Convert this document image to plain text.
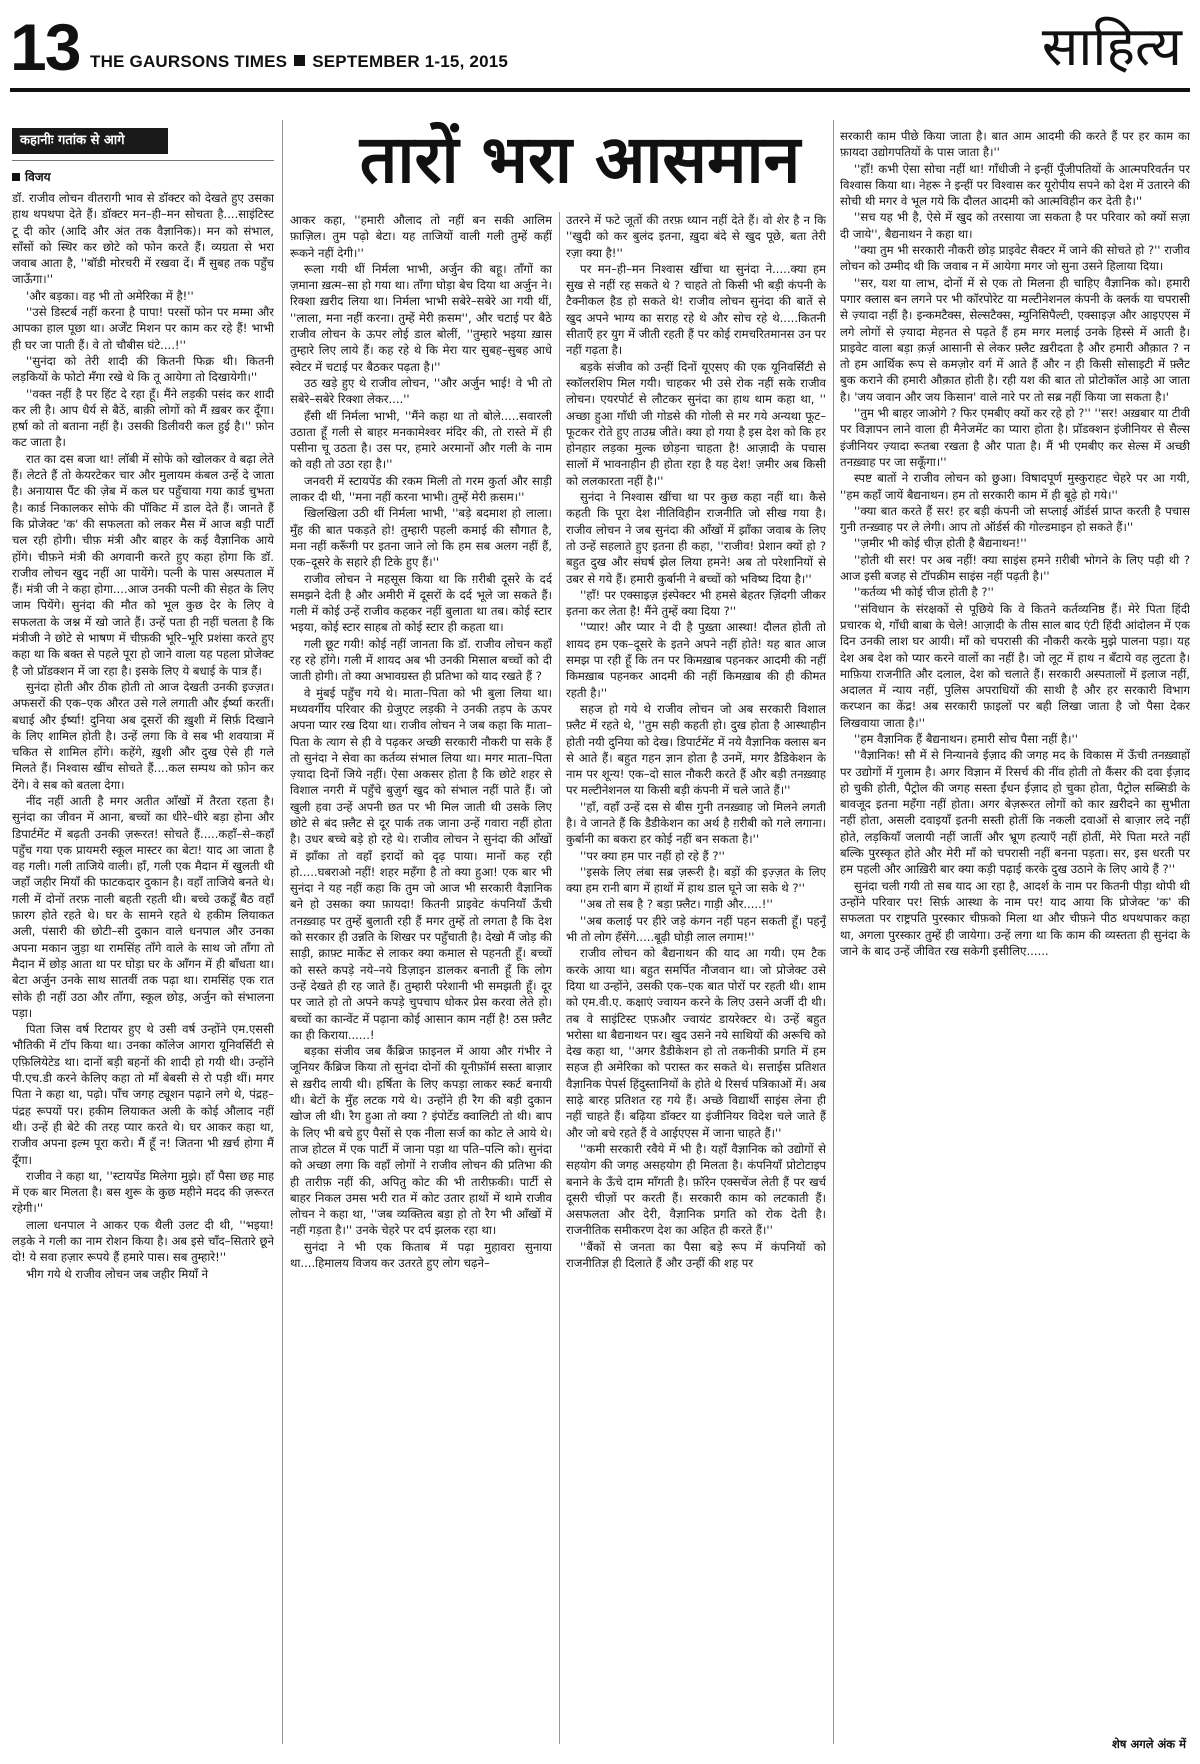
13 THE GAURSONS TIMES SEPTEMBER 1-15, 2015	साहित्य
कहानीः गतांक से आगे
विजय	तारों भरा आसमान

डॉ. राजीव लोचन वीतरागी भाव से डॉक्टर को देखते हुए उसका हाथ थपथपा देते हैं। डॉक्टर मन–ही–मन सोचता है....साइंटिस्ट टू दी कोर (आदि और अंत तक वैज्ञानिक)। मन को संभाल, साँसों को स्थिर कर छोटे को फोन करते हैं। व्यग्रता से भरा जवाब आता है, ''बॉडी मोरचरी में रखवा दें। मैं सुबह तक पहुँच जाऊँगा।''

'और बड़का। वह भी तो अमेरिका में है!''

''उसे डिस्टर्ब नहीं करना है पापा! परसों फोन पर मम्मा और आपका हाल पूछा था। अर्जेंट मिशन पर काम कर रहे हैं! भाभी ही घर जा पाती हैं। वे तो चौबीस घंटे....!''

''सुनंदा को तेरी शादी की कितनी फिक्र थी। कितनी लड़कियों के फोटो मँगा रखे थे कि तू आयेगा तो दिखायेगी।''

''वक्त नहीं है पर हिंट दे रहा हूँ। मैंने लड़की पसंद कर शादी कर ली है। आप धैर्य से बैठें, बाक़ी लोगों को मैं ख़बर कर दूँगा। हर्षा को तो बताना नहीं है। उसकी डिलीवरी कल हुई है।'' फ़ोन कट जाता है।

रात का दस बजा था! लॉबी में सोफे को खोलकर वे बढ़ा लेते हैं। लेटते हैं तो केयरटेकर चार और मुलायम कंबल उन्हें दे जाता है। अनायास पैंट की ज़ेब में कल घर पहुँचाया गया कार्ड चुभता है। कार्ड निकालकर सोफे की पॉकिट में डाल देते हैं। जानते हैं कि प्रोजेक्ट 'क' की सफलता को लकर मैस में आज बड़ी पार्टी चल रही होगी। चीफ़ मंत्री और बाहर के कई वैज्ञानिक आये होंगे। चीफ़ने मंत्री की अगवानी करते हुए कहा होगा कि डॉ. राजीव लोचन खुद नहीं आ पायेंगे। पत्नी के पास अस्पताल में हैं। मंत्री जी ने कहा होगा....आज उनकी पत्नी की सेहत के लिए जाम पियेंगे। सुनंदा की मौत को भूल कुछ देर के लिए वे सफलता के जश्न में खो जाते हैं। उन्हें पता ही नहीं चलता है कि मंत्रीजी ने छोटे से भाषण में चीफ़की भूरि–भूरि प्रशंसा करते हुए कहा था कि बक्त से पहले पूरा हो जाने वाला यह पहला प्रोजेक्ट है जो प्रॉडक्शन में जा रहा है। इसके लिए ये बधाई के पात्र हैं।

सुनंदा होती और ठीक होती तो आज देखती उनकी इज्ज़त। अफसरों की एक–एक औरत उसे गले लगाती और ईर्ष्या करतीं। बधाई और ईर्ष्या! दुनिया अब दूसरों की ख़ुशी में सिर्फ़ दिखाने के लिए शामिल होती है। उन्हें लगा कि वे सब भी शवयात्रा में चकित से शामिल होंगे। कहेंगे, ख़ुशी और दुख ऐसे ही गले मिलते हैं। निश्वास खींच सोचते हैं....कल सम्पथ को फ़ोन कर देंगे। वे सब को बतला देगा।

नींद नहीं आती है मगर अतीत आँखों में तैरता रहता है। सुनंदा का जीवन में आना, बच्चों का धीरे–धीरे बड़ा होना और डिपार्टमेंट में बढ़ती उनकी ज़रूरत! सोचते हैं.....कहाँ–से–कहाँ पहुँच गया एक प्रायमरी स्कूल मास्टर का बेटा! याद आ जाता है वह गली। गली ताजिये वाली। हाँ, गली एक मैदान में खुलती थी जहाँ जहीर मियाँ की फाटकदार दुकान है। वहाँ ताजिये बनते थे। गली में दोनों तरफ़ नाली बहती रहती थी। बच्चे उकडूँ बैठ वहाँ फ़ारग होते रहते थे। घर के सामने रहते थे हकीम लियाकत अली, पंसारी की छोटी–सी दुकान वाले धनपाल और उनका अपना मकान जुड़ा था रामसिंह ताँगे वाले के साथ जो ताँगा तो मैदान में छोड़ आता था पर घोड़ा घर के आँगन में ही बाँधता था। बेटा अर्जुन उनके साथ सातवीं तक पढ़ा था। रामसिंह एक रात सोके ही नहीं उठा और ताँगा, स्कूल छोड़, अर्जुन को संभालना पड़ा।

पिता जिस वर्ष रिटायर हुए थे उसी वर्ष उन्होंने एम.एससी भौतिकी में टॉप किया था। उनका कॉलेज आगरा यूनिवर्सिटी से एफ़िलियेटेड था। दानों बड़ी बहनों की शादी हो गयी थी। उन्होंने पी.एच.डी करने केलिए कहा तो माँ बेबसी से रो पड़ी थीं। मगर पिता ने कहा था, पढ़ो। पाँच जगह ट्यूशन पढ़ाने लगे थे, पंद्रह–पंद्रह रूपयों पर। हकीम लियाकत अली के कोई औलाद नहीं थी। उन्हें ही बेटे की तरह प्यार करते थे। घर आकर कहा था, राजीव अपना इल्म पूरा करो। मैं हूँ न! जितना भी ख़र्च होगा मैं दूँगा।

राजीव ने कहा था, ''स्टायपेंड मिलेगा मुझे। हाँ पैसा छह माह में एक बार मिलता है। बस शुरू के कुछ महीने मदद की ज़रूरत रहेगी।''

लाला धनपाल ने आकर एक थैली उलट दी थी, ''भइया! लड़के ने गली का नाम रोशन किया है। अब इसे चाँद–सितारे छूने दो! ये सवा हज़ार रूपये हैं हमारे पास। सब तुम्हारे!''

भीग गये थे राजीव लोचन जब जहीर मियाँ ने

आकर कहा, ''हमारी औलाद तो नहीं बन सकी आलिम फ़ाज़िल। तुम पढ़ो बेटा। यह ताजियों वाली गली तुम्हें कहीं रूकने नहीं देगी।''

रूला गयी थीं निर्मला भाभी, अर्जुन की बहू। ताँगों का ज़माना ख़त्म–सा हो गया था। ताँगा घोड़ा बेच दिया था अर्जुन ने। रिक्शा ख़रीद लिया था। निर्मला भाभी सबेरे–सबेरे आ गयी थीं, ''लाला, मना नहीं करना। तुम्हें मेरी क़सम'', और चटाई पर बैठे राजीव लोचन के ऊपर लोई डाल बोलीं, ''तुम्हारे भइया ख़ास तुम्हारे लिए लाये हैं। कह रहे थे कि मेरा यार सुबह–सुबह आधे स्वेटर में चटाई पर बैठकर पढ़ता है।''

उठ खड़े हुए थे राजीव लोचन, ''और अर्जुन भाई! वे भी तो सबेरे–सबेरे रिक्शा लेकर....''

हँसी थीं निर्मला भाभी, ''मैंने कहा था तो बोले.....सवारली उठाता हूँ गली से बाहर मनकामेश्वर मंदिर की, तो रास्ते में ही पसीना चू उठता है। उस पर, हमारे अरमानों और गली के नाम को वही तो उठा रहा है।''

जनवरी में स्टायपेंड की रकम मिली तो गरम कुर्ता और साड़ी लाकर दी थी, ''मना नहीं करना भाभी। तुम्हें मेरी क़सम।''

खिलखिला उठी थीं निर्मला भाभी, ''बड़े बदमाश हो लाला। मुँह की बात पकड़ते हो! तुम्हारी पहली कमाई की सौगात है, मना नहीं करूँगी पर इतना जाने लो कि हम सब अलग नहीं हैं, एक–दूसरे के सहारे ही टिके हुए हैं।''

राजीव लोचन ने महसूस किया था कि ग़रीबी दूसरे के दर्द समझने देती है और अमीरी में दूसरों के दर्द भूले जा सकते हैं। गली में कोई उन्हें राजीव कहकर नहीं बुलाता था तब। कोई स्टार भइया, कोई स्टार साहब तो कोई स्टार ही कहता था।

गली छूट गयी! कोई नहीं जानता कि डॉ. राजीव लोचन कहाँ रह रहे होंगे। गली में शायद अब भी उनकी मिसाल बच्चों को दी जाती होगी। तो क्या अभावग्रस्त ही प्रतिभा को याद रखते हैं ?

वे मुंबई पहुँच गये थे। माता–पिता को भी बुला लिया था। मध्यवर्गीय परिवार की ग्रेजुएट लड़की ने उनकी तड़प के ऊपर अपना प्यार रख दिया था। राजीव लोचन ने जब कहा कि माता–पिता के त्याग से ही वे पढ़कर अच्छी सरकारी नौकरी पा सके हैं तो सुनंदा ने सेवा का कर्तव्य संभाल लिया था। मगर माता–पिता ज़्यादा दिनों जिये नहीं। ऐसा अकसर होता है कि छोटे शहर से विशाल नगरी में पहुँचे बुज़ुर्ग खुद को संभाल नहीं पाते हैं। जो खुली हवा उन्हें अपनी छत पर भी मिल जाती थी उसके लिए छोटे से बंद फ़्लैट से दूर पार्क तक जाना उन्हें गवारा नहीं होता है। उधर बच्चे बड़े हो रहे थे। राजीव लोचन ने सुनंदा की आँखों में झाँका तो वहाँ इरादों को दृढ़ पाया। मानों कह रही हो.....घबराओ नहीं! शहर महँगा है तो क्या हुआ! एक बार भी सुनंदा ने यह नहीं कहा कि तुम जो आज भी सरकारी वैज्ञानिक बने हो उसका क्या फ़ायदा! कितनी प्राइवेट कंपनियाँ ऊँची तनख़्वाह पर तुम्हें बुलाती रही हैं मगर तुम्हें तो लगता है कि देश को सरकार ही उन्नति के शिखर पर पहुँचाती है। देखो मैं जोड़ की साड़ी, क्राफ़्ट मार्केट से लाकर क्या कमाल से पहनती हूँ। बच्चों को सस्ते कपड़े नये–नये डिज़ाइन डालकर बनाती हूँ कि लोग उन्हें देखते ही रह जाते हैं। तुम्हारी परेशानी भी समझती हूँ। दूर पर जाते हो तो अपने कपड़े चुपचाप धोकर प्रेस करवा लेते हो। बच्चों का कान्वेंट में पढ़ाना कोई आसान काम नहीं है! ठस फ़्लैट का ही किराया......!

बड़का संजीव जब कैंब्रिज फ़ाइनल में आया और गंभीर ने जूनियर कैंब्रिज किया तो सुनंदा दोनों की यूनीफ़ॉर्म सस्ता बाज़ार से ख़रीद लायी थी। हर्षिता के लिए कपड़ा लाकर स्कर्ट बनायी थी। बेटों के मुँह लटक गये थे। उन्होंने ही रैग की बड़ी दुकान खोज ली थी। रैग हुआ तो क्या ? इंपोर्टेड क्वालिटी तो थी। बाप के लिए भी बचे हुए पैसों से एक नीला सर्ज का कोट ले आये थे। ताज होटल में एक पार्टी में जाना पड़ा था पति–पत्नि को। सुनंदा को अच्छा लगा कि वहाँ लोगों ने राजीव लोचन की प्रतिभा की ही तारीफ़ नहीं की, अपितु कोट की भी तारीफ़की। पार्टी से बाहर निकल उमस भरी रात में कोट उतार हाथों में थामे राजीव लोचन ने कहा था, ''जब व्यक्तित्व बड़ा हो तो रैग भी आँखों में नहीं गड़ता है।'' उनके चेहरे पर दर्प झलक रहा था।

सुनंदा ने भी एक किताब में पढ़ा मुहावरा सुनाया था....हिमालय विजय कर उतरते हुए लोग चढ़ने–

उतरने में फटे जूतों की तरफ़ ध्यान नहीं देते हैं। वो शेर है न कि ''खुदी को कर बुलंद इतना, ख़ुदा बंदे से खुद पूछे, बता तेरी रज़ा क्या है!''

पर मन–ही–मन निश्वास खींचा था सुनंदा ने.....क्या हम सुख से नहीं रह सकते थे ? चाहते तो किसी भी बड़ी कंपनी के टैक्नीकल हैड हो सकते थे! राजीव लोचन सुनंदा की बातें से खुद अपने भाग्य का सराह रहे थे और सोच रहे थे.....कितनी सीताएँ हर युग में जीती रहती हैं पर कोई रामचरितमानस उन पर नहीं गढ़ता है।

बड़के संजीव को उन्हीं दिनों यूएसए की एक यूनिवर्सिटी से स्कॉलरशिप मिल गयी। चाहकर भी उसे रोक नहीं सके राजीव लोचन। एयरपोर्ट से लौटकर सुनंदा का हाथ थाम कहा था, '' अच्छा हुआ गाँधी जी गोडसे की गोली से मर गये अन्यथा फूट–फूटकर रोते हुए ताउम्र जीते। क्या हो गया है इस देश को कि हर होनहार लड़का मुल्क छोड़ना चाहता है! आज़ादी के पचास सालों में भावनाहीन ही होता रहा है यह देश! ज़मीर अब किसी को ललकारता नहीं है।''

सुनंदा ने निश्वास खींचा था पर कुछ कहा नहीं था। कैसे कहती कि पूरा देश नीतिविहीन राजनीति जो सीख गया है। राजीव लोचन ने जब सुनंदा की आँखों में झाँका जवाब के लिए तो उन्हें सहलाते हुए इतना ही कहा, ''राजीव! प्रेशान क्यों हो ? बहुत दुख और संघर्ष झेल लिया हमने! अब तो परेशानियों से उबर से गये हैं। हमारी कुर्बानी ने बच्चों को भविष्य दिया है।''

''हाँ! पर एक्साइज़ इंस्पेक्टर भी हमसे बेहतर ज़िंदगी जीकर इतना कर लेता है! मैंने तुम्हें क्या दिया ?''

''प्यार! और प्यार ने दी है पुख़्ता आस्था! दौलत होती तो शायद हम एक–दूसरे के इतने अपने नहीं होते! यह बात आज समझ पा रही हूँ कि तन पर किमख़ाब पहनकर आदमी की नहीं किमख़ाब पहनकर आदमी की नहीं किमख़ाब की ही कीमत रहती है।''

सहज हो गये थे राजीव लोचन जो अब सरकारी विशाल फ़्लैट में रहते थे, ''तुम सही कहती हो। दुख होता है आस्थाहीन होती नयी दुनिया को देख। डिपार्टमेंट में नये वैज्ञानिक क्लास बन से आते हैं। बहुत गहन ज्ञान होता है उनमें, मगर डैडिकेशन के नाम पर शून्य! एक–दो साल नौकरी करते हैं और बड़ी तनख़्वाह पर मल्टीनेशनल या किसी बड़ी कंपनी में चले जाते हैं।''

''हाँ, वहाँ उन्हें दस से बीस गुनी तनख़्वाह जो मिलने लगती है। वे जानते हैं कि डैडीकेशन का अर्थ है ग़रीबी को गले लगाना। कुर्बानी का बकरा हर कोई नहीं बन सकता है।''

''पर क्या हम पार नहीं हो रहे हैं ?''

''इसके लिए लंबा सब्र ज़रूरी है। बड़ों की इज़्ज़त के लिए क्या हम रानी बाग में हाथों में हाथ डाल घूने जा सके थे ?''

''अब तो सब है ? बड़ा फ़्लैट। गाड़ी और.....!''

''अब कलाई पर हीरे जड़े कंगन नहीं पहन सकती हूँ। पहनूँ भी तो लोग हँसेंगे.....बूढ़ी घोड़ी लाल लगाम!''

राजीव लोचन को बैद्यनाथन की याद आ गयी। एम टैक करके आया था। बहुत समर्पित नौजवान था। जो प्रोजेक्ट उसे दिया था उन्होंने, उसकी एक–एक बात पोरों पर रहती थी। शाम को एम.वी.ए. कक्षाएं ज्वायन करने के लिए उसने अर्जी दी थी। तब वे साइंटिस्ट एफ़और ज्वायंट डायरेक्टर थे। उन्हें बहुत भरोसा था बैद्यनाथन पर। खुद उसने नये साथियों की अरूचि को देख कहा था, ''अगर डैडीकेशन हो तो तकनीकी प्रगति में हम सहज ही अमेरिका को परास्त कर सकते थे। सत्ताईस प्रतिशत वैज्ञानिक पेपर्स हिंदुस्तानियों के होते थे रिसर्च पत्रिकाओं में। अब साढ़े बारह प्रतिशत रह गये हैं। अच्छे विद्यार्थी साइंस लेना ही नहीं चाहते हैं। बढ़िया डॉक्टर या इंजीनियर विदेश चले जाते हैं और जो बचे रहते हैं वे आईएएस में जाना चाहते हैं।''

''कमी सरकारी रवैये में भी है। यहाँ वैज्ञानिक को उद्योगों से सहयोग की जगह असहयोग ही मिलता है। कंपनियाँ प्रोटोटाइप बनाने के ऊँचे दाम माँगती है। फ़ॉरेन एक्सचेंज लेती हैं पर खर्च दूसरी चीज़ों पर करती हैं। सरकारी काम को लटकाती हैं। असफलता और देरी, वैज्ञानिक प्रगति को रोक देती है। राजनीतिक समीकरण देश का अहित ही करते हैं।''

''बैंकों से जनता का पैसा बड़े रूप में कंपनियों को राजनीतिज्ञ ही दिलाते हैं और उन्हीं की शह पर

सरकारी काम पीछे किया जाता है। बात आम आदमी की करते हैं पर हर काम का फ़ायदा उद्योगपतियों के पास जाता है।''

''हाँ! कभी ऐसा सोचा नहीं था! गाँधीजी ने इन्हीं पूँजीपतियों के आत्मपरिवर्तन पर विश्वास किया था। नेहरू ने इन्हीं पर विश्वास कर यूरोपीय सपने को देश में उतारने की सोची थी मगर वे भूल गये कि दौलत आदमी को आत्मविहीन कर देती है।''

''सच यह भी है, ऐसे में खुद को तरसाया जा सकता है पर परिवार को क्यों सज़ा दी जाये'', बैद्यनाथन ने कहा था।

''क्या तुम भी सरकारी नौकरी छोड़ प्राइवेट सैक्टर में जाने की सोचते हो ?'' राजीव लोचन को उम्मीद थी कि जवाब न में आयेगा मगर जो सुना उसने हिलाया दिया।

''सर, यश या लाभ, दोनों में से एक तो मिलना ही चाहिए वैज्ञानिक को। हमारी पगार क्लास बन लगने पर भी कॉरपोरेट या मल्टीनेशनल कंपनी के क्लर्क या चपरासी से ज़्यादा नहीं है। इन्कमटैक्स, सेल्सटैक्स, म्युनिसिपैल्टी, एक्साइज़ और आइएएस में लगे लोगों से ज़्यादा मेहनत से पढ़ते हैं हम मगर मलाई उनके हिस्से में आती है। प्राइवेट वाला बड़ा क़र्ज़ आसानी से लेकर फ़्लैट ख़रीदता है और हमारी औक़ात ? न तो हम आर्थिक रूप से कमज़ोर वर्ग में आते हैं और न ही किसी सोसाइटी में फ़्लैट बुक कराने की हमारी औक़ात होती है। रही यश की बात तो प्रोटोकॉल आड़े आ जाता है। 'जय जवान और जय किसान' वाले नारे पर तो सब्र नहीं किया जा सकता है।'

''तुम भी बाहर जाओगे ? फिर एमबीए क्यों कर रहे हो ?'' ''सर! अख़बार या टीवी पर विज्ञापन लाने वाला ही मैनेजमेंट का प्यारा होता है। प्रॉडक्शन इंजीनियर से सैल्स इंजीनियर ज़्यादा रूतबा रखता है और पाता है। मैं भी एमबीए कर सेल्स में अच्छी तनख़्वाह पर जा सकूँगा।''

स्पष्ट बातों ने राजीव लोचन को छुआ। विषादपूर्ण मुस्कुराहट चेहरे पर आ गयी, ''हम कहाँ जायें बैद्यनाथन। हम तो सरकारी काम में ही बूढ़े हो गये।''

''क्या बात करते हैं सर! हर बड़ी कंपनी जो सप्लाई ऑर्डर्स प्राप्त करती है पचास गुनी तन्ख़्वाह पर ले लेगी। आप तो ऑर्डर्स की गोल्डमाइन हो सकते हैं।''

''ज़मीर भी कोई चीज़ होती है बैद्यनाथन!''

''होती थी सर! पर अब नहीं! क्या साइंस हमने ग़रीबी भोगने के लिए पढ़ी थी ? आज इसी बजह से टॉपक्रीम साइंस नहीं पढ़ती है।''

''कर्तव्य भी कोई चीज होती है ?''

''संविधान के संरक्षकों से पूछिये कि वे कितने कर्तव्यनिष्ठ हैं। मेरे पिता हिंदी प्रचारक थे, गाँधी बाबा के चेले! आज़ादी के तीस साल बाद एंटी हिंदी आंदोलन में एक दिन उनकी लाश घर आयी। माँ को चपरासी की नौकरी करके मुझे पालना पड़ा। यह देश अब देश को प्यार करने वालों का नहीं है। जो लूट में हाथ न बँटाये वह लुटता है। माफ़िया राजनीति और दलाल, देश को चलाते हैं। सरकारी अस्पतालों में इलाज नहीं, अदालत में न्याय नहीं, पुलिस अपराधियों की साथी है और हर सरकारी विभाग करप्शन का केंद्र! अब सरकारी फ़ाइलों पर बही लिखा जाता है जो पैसा देकर लिखवाया जाता है।''

''हम वैज्ञानिक हैं बैद्यनाथन। हमारी सोच पैसा नहीं है।''

''वैज्ञानिक! सौ में से निन्यानवे ईज़ाद की जगह मद के विकास में ऊँची तनख़्वाहों पर उद्योगों में गुलाम है। अगर विज्ञान में रिसर्च की नींव होती तो कैंसर की दवा ईज़ाद हो चुकी होती, पैट्रोल की जगह सस्ता ईंधन ईज़ाद हो चुका होता, पैट्रोल सब्सिडी के बावजूद इतना महँगा नहीं होता। अगर बेज़रूरत लोगों को कार ख़रीदने का सुभीता नहीं होता, असली दवाइयाँ इतनी सस्ती होतीं कि नकली दवाओं से बाज़ार लदे नहीं होते, लड़कियाँ जलायी नहीं जातीं और भ्रूण हत्याएँ नहीं होतीं, मेरे पिता मरते नहीं बल्कि पुरस्कृत होते और मेरी माँ को चपरासी नहीं बनना पड़ता। सर, इस धरती पर हम पहली और आख़िरी बार क्या कड़ी पढ़ाई करके दुख उठाने के लिए आये हैं ?''

सुनंदा चली गयी तो सब याद आ रहा है, आदर्श के नाम पर कितनी पीड़ा थोपी थी उन्होंने परिवार पर! सिर्फ़ आस्था के नाम पर! याद आया कि प्रोजेक्ट 'क' की सफलता पर राष्ट्रपति पुरस्कार चीफ़को मिला था और चीफ़ने पीठ थपथपाकर कहा था, अगला पुरस्कार तुम्हें ही जायेगा। उन्हें लगा था कि काम की व्यस्तता ही सुनंदा के जाने के बाद उन्हें जीवित रख सकेगी इसीलिए......

शेष अगले अंक में
